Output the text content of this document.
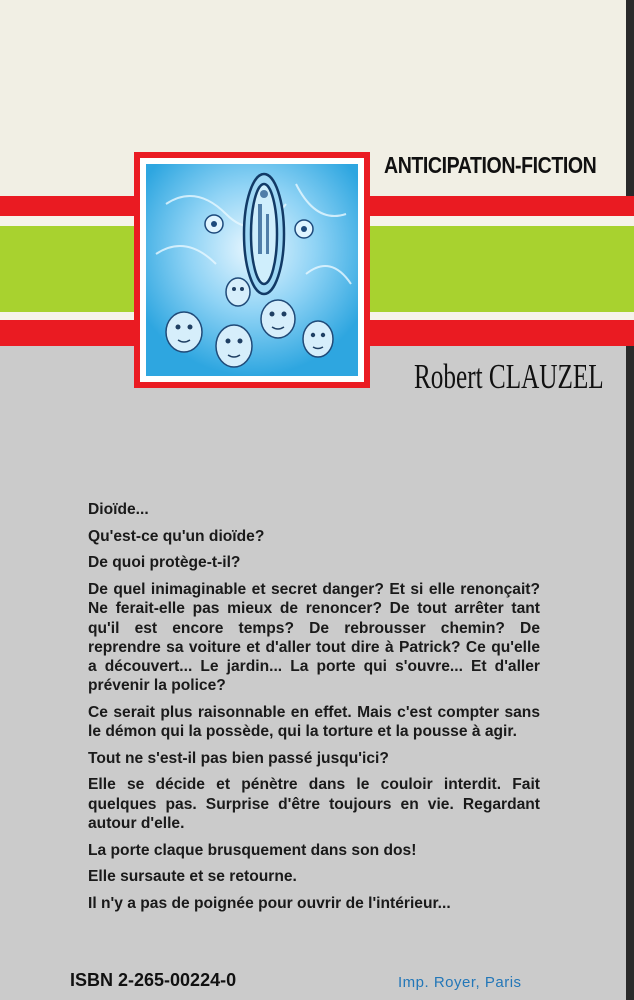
ANTICIPATION-FICTION
Robert CLAUZEL

Dioïde...

Qu'est-ce qu'un dioïde?

De quoi protège-t-il?

De quel inimaginable et secret danger? Et si elle renonçait? Ne ferait-elle pas mieux de renoncer? De tout arrêter tant qu'il est encore temps? De rebrousser chemin? De reprendre sa voiture et d'aller tout dire à Patrick? Ce qu'elle a découvert... Le jardin... La porte qui s'ouvre... Et d'aller prévenir la police?

Ce serait plus raisonnable en effet. Mais c'est compter sans le démon qui la possède, qui la torture et la pousse à agir.

Tout ne s'est-il pas bien passé jusqu'ici?

Elle se décide et pénètre dans le couloir interdit. Fait quelques pas. Surprise d'être toujours en vie. Regardant autour d'elle.

La porte claque brusquement dans son dos!

Elle sursaute et se retourne.

Il n'y a pas de poignée pour ouvrir de l'intérieur...

ISBN 2-265-00224-0	Imp. Royer, Paris
